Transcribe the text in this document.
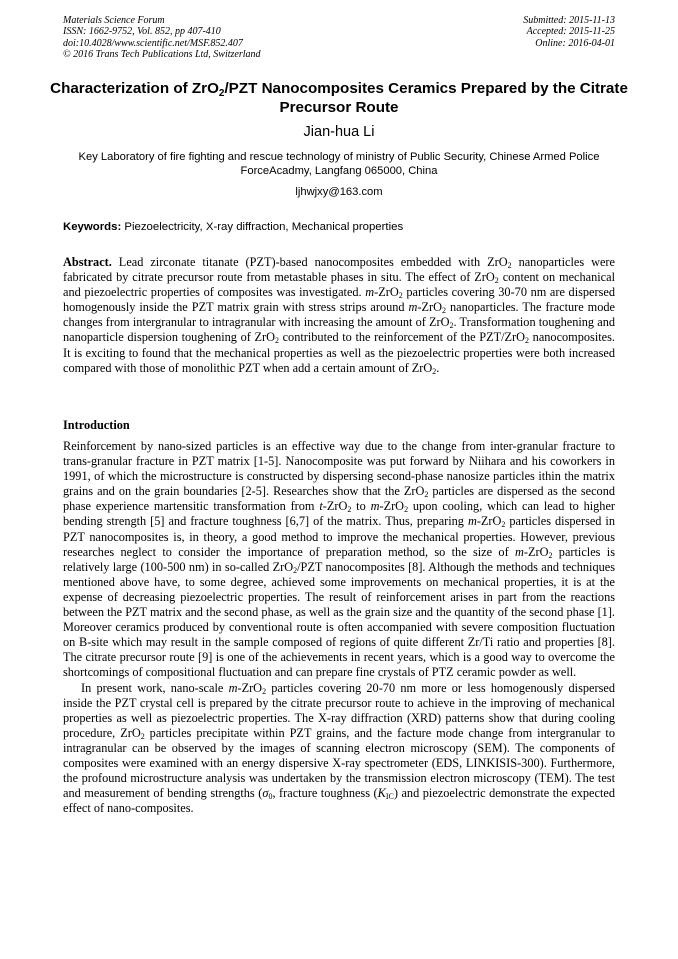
Materials Science Forum
ISSN: 1662-9752, Vol. 852, pp 407-410
doi:10.4028/www.scientific.net/MSF.852.407
© 2016 Trans Tech Publications Ltd, Switzerland
Submitted: 2015-11-13
Accepted: 2015-11-25
Online: 2016-04-01
Characterization of ZrO$_2$/PZT Nanocomposites Ceramics Prepared by the Citrate Precursor Route
Jian-hua Li
Key Laboratory of fire fighting and rescue technology of ministry of Public Security, Chinese Armed Police ForceAcadmy, Langfang 065000, China
ljhwjxy@163.com
Keywords: Piezoelectricity, X-ray diffraction, Mechanical properties
Abstract. Lead zirconate titanate (PZT)-based nanocomposites embedded with ZrO$_2$ nanoparticles were fabricated by citrate precursor route from metastable phases in situ. The effect of ZrO$_2$ content on mechanical and piezoelectric properties of composites was investigated. m-ZrO$_2$ particles covering 30-70 nm are dispersed homogenously inside the PZT matrix grain with stress strips around m-ZrO$_2$ nanoparticles. The fracture mode changes from intergranular to intragranular with increasing the amount of ZrO$_2$. Transformation toughening and nanoparticle dispersion toughening of ZrO$_2$ contributed to the reinforcement of the PZT/ZrO$_2$ nanocomposites. It is exciting to found that the mechanical properties as well as the piezoelectric properties were both increased compared with those of monolithic PZT when add a certain amount of ZrO$_2$.
Introduction

Reinforcement by nano-sized particles is an effective way due to the change from inter-granular fracture to trans-granular fracture in PZT matrix [1-5]. Nanocomposite was put forward by Niihara and his coworkers in 1991, of which the microstructure is constructed by dispersing second-phase nanosize particles ithin the matrix grains and on the grain boundaries [2-5]. Researches show that the ZrO$_2$ particles are dispersed as the second phase experience martensitic transformation from t-ZrO$_2$ to m-ZrO$_2$ upon cooling, which can lead to higher bending strength [5] and fracture toughness [6,7] of the matrix. Thus, preparing m-ZrO$_2$ particles dispersed in PZT nanocomposites is, in theory, a good method to improve the mechanical properties. However, previous researches neglect to consider the importance of preparation method, so the size of m-ZrO$_2$ particles is relatively large (100-500 nm) in so-called ZrO$_2$/PZT nanocomposites [8]. Although the methods and techniques mentioned above have, to some degree, achieved some improvements on mechanical properties, it is at the expense of decreasing piezoelectric properties. The result of reinforcement arises in part from the reactions between the PZT matrix and the second phase, as well as the grain size and the quantity of the second phase [1]. Moreover ceramics produced by conventional route is often accompanied with severe composition fluctuation on B-site which may result in the sample composed of regions of quite different Zr/Ti ratio and properties [8]. The citrate precursor route [9] is one of the achievements in recent years, which is a good way to overcome the shortcomings of compositional fluctuation and can prepare fine crystals of PTZ ceramic powder as well.

In present work, nano-scale m-ZrO$_2$ particles covering 20-70 nm more or less homogenously dispersed inside the PZT crystal cell is prepared by the citrate precursor route to achieve in the improving of mechanical properties as well as piezoelectric properties. The X-ray diffraction (XRD) patterns show that during cooling procedure, ZrO$_2$ particles precipitate within PZT grains, and the facture mode change from intergranular to intragranular can be observed by the images of scanning electron microscopy (SEM). The components of composites were examined with an energy dispersive X-ray spectrometer (EDS, LINKISIS-300). Furthermore, the profound microstructure analysis was undertaken by the transmission electron microscopy (TEM). The test and measurement of bending strengths ($\sigma_0$, fracture toughness $(K_{IC})$ and piezoelectric demonstrate the expected effect of nano-composites.
